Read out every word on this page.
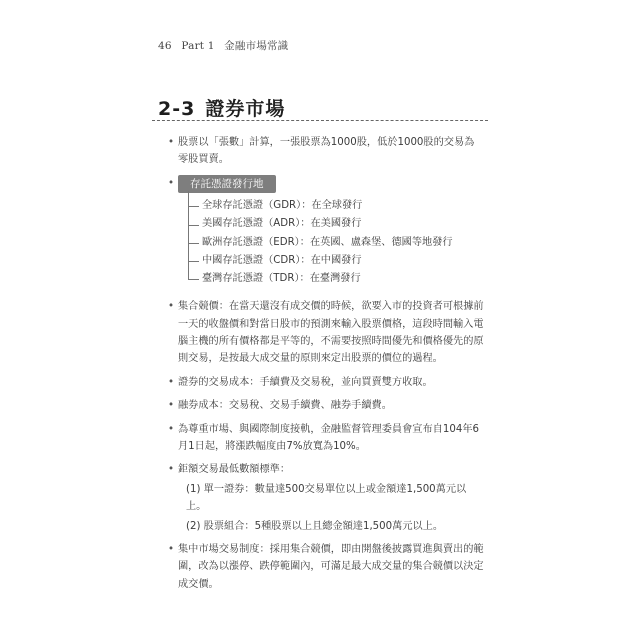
46 Part 1 金融市場常識
2-3 證券市場
• 股票以「張數」計算，一張股票為1000股，低於1000股的交易為零股買賣。
• 存託憑證發行地
全球存託憑證（GDR）：在全球發行
美國存託憑證（ADR）：在美國發行
歐洲存託憑證（EDR）：在英國、盧森堡、德國等地發行
中國存託憑證（CDR）：在中國發行
臺灣存託憑證（TDR）：在臺灣發行
• 集合競價：在當天還沒有成交價的時候，欲要入市的投資者可根據前一天的收盤價和對當日股市的預測來輸入股票價格，這段時間輸入電腦主機的所有價格都是平等的，不需要按照時間優先和價格優先的原則交易，是按最大成交量的原則來定出股票的價位的過程。
• 證券的交易成本：手續費及交易稅，並向買賣雙方收取。
• 融券成本：交易稅、交易手續費、融券手續費。
• 為尊重市場、與國際制度接軌，金融監督管理委員會宣布自104年6月1日起，將漲跌幅度由7%放寬為10%。
• 鉅額交易最低數額標準：
(1) 單一證券：數量達500交易單位以上或金額達1,500萬元以上。
(2) 股票組合：5種股票以上且總金額達1,500萬元以上。
• 集中市場交易制度：採用集合競價，即由開盤後披露買進與賣出的範圍，改為以漲停、跌停範圍內，可滿足最大成交量的集合競價以決定成交價。
